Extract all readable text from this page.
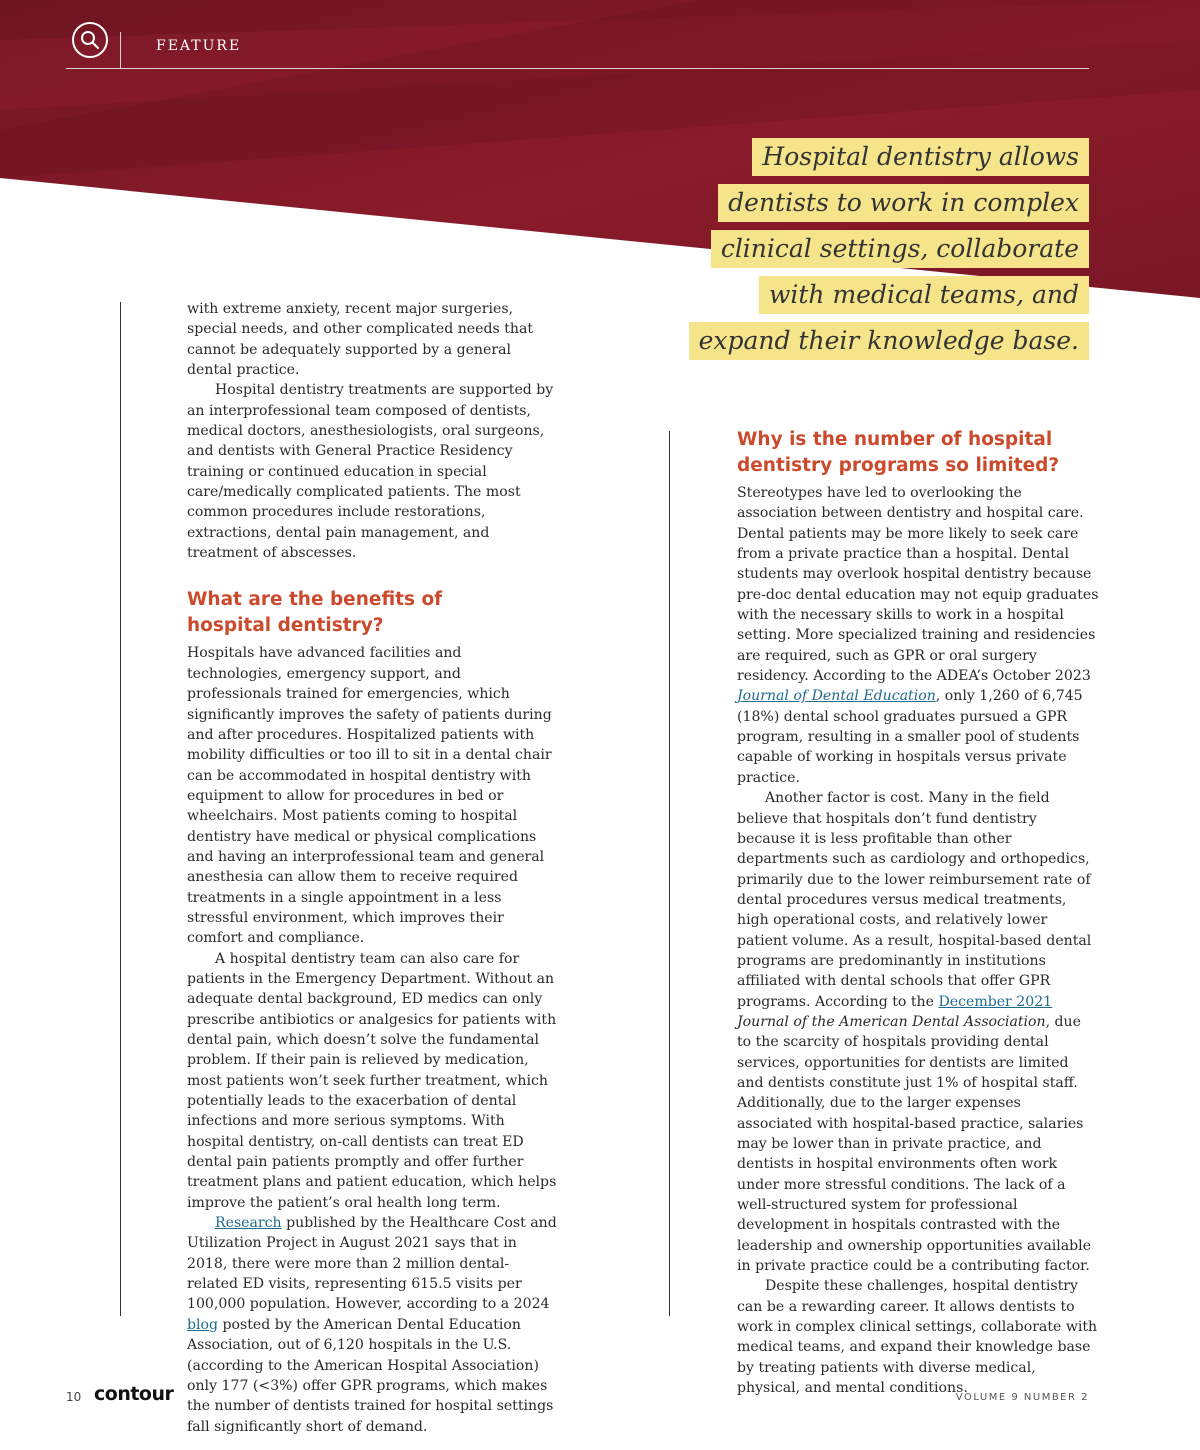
FEATURE
Hospital dentistry allows
dentists to work in complex
clinical settings, collaborate
with medical teams, and
expand their knowledge base.

with extreme anxiety, recent major surgeries, special needs, and other complicated needs that cannot be adequately supported by a general dental practice.

Hospital dentistry treatments are supported by an interprofessional team composed of dentists, medical doctors, anesthesiologists, oral surgeons, and dentists with General Practice Residency training or continued education in special care/medically complicated patients. The most common procedures include restorations, extractions, dental pain management, and treatment of abscesses.

What are the benefits of
hospital dentistry?

Hospitals have advanced facilities and technologies, emergency support, and professionals trained for emergencies, which significantly improves the safety of patients during and after procedures. Hospitalized patients with mobility difficulties or too ill to sit in a dental chair can be accommodated in hospital dentistry with equipment to allow for procedures in bed or wheelchairs. Most patients coming to hospital dentistry have medical or physical complications and having an interprofessional team and general anesthesia can allow them to receive required treatments in a single appointment in a less stressful environment, which improves their comfort and compliance.

A hospital dentistry team can also care for patients in the Emergency Department. Without an adequate dental background, ED medics can only prescribe antibiotics or analgesics for patients with dental pain, which doesn’t solve the fundamental problem. If their pain is relieved by medication, most patients won’t seek further treatment, which potentially leads to the exacerbation of dental infections and more serious symptoms. With hospital dentistry, on-call dentists can treat ED dental pain patients promptly and offer further treatment plans and patient education, which helps improve the patient’s oral health long term.

Research published by the Healthcare Cost and Utilization Project in August 2021 says that in 2018, there were more than 2 million dental-related ED visits, representing 615.5 visits per 100,000 population. However, according to a 2024 blog posted by the American Dental Education Association, out of 6,120 hospitals in the U.S. (according to the American Hospital Association) only 177 (<3%) offer GPR programs, which makes the number of dentists trained for hospital settings fall significantly short of demand.

Why is the number of hospital
dentistry programs so limited?

Stereotypes have led to overlooking the association between dentistry and hospital care. Dental patients may be more likely to seek care from a private practice than a hospital. Dental students may overlook hospital dentistry because pre-doc dental education may not equip graduates with the necessary skills to work in a hospital setting. More specialized training and residencies are required, such as GPR or oral surgery residency. According to the ADEA’s October 2023 Journal of Dental Education, only 1,260 of 6,745 (18%) dental school graduates pursued a GPR program, resulting in a smaller pool of students capable of working in hospitals versus private practice.

Another factor is cost. Many in the field believe that hospitals don’t fund dentistry because it is less profitable than other departments such as cardiology and orthopedics, primarily due to the lower reimbursement rate of dental procedures versus medical treatments, high operational costs, and relatively lower patient volume. As a result, hospital-based dental programs are predominantly in institutions affiliated with dental schools that offer GPR programs. According to the December 2021 Journal of the American Dental Association, due to the scarcity of hospitals providing dental services, opportunities for dentists are limited and dentists constitute just 1% of hospital staff. Additionally, due to the larger expenses associated with hospital-based practice, salaries may be lower than in private practice, and dentists in hospital environments often work under more stressful conditions. The lack of a well-structured system for professional development in hospitals contrasted with the leadership and ownership opportunities available in private practice could be a contributing factor.

Despite these challenges, hospital dentistry can be a rewarding career. It allows dentists to work in complex clinical settings, collaborate with medical teams, and expand their knowledge base by treating patients with diverse medical, physical, and mental conditions.

10 contour	VOLUME 9 NUMBER 2
